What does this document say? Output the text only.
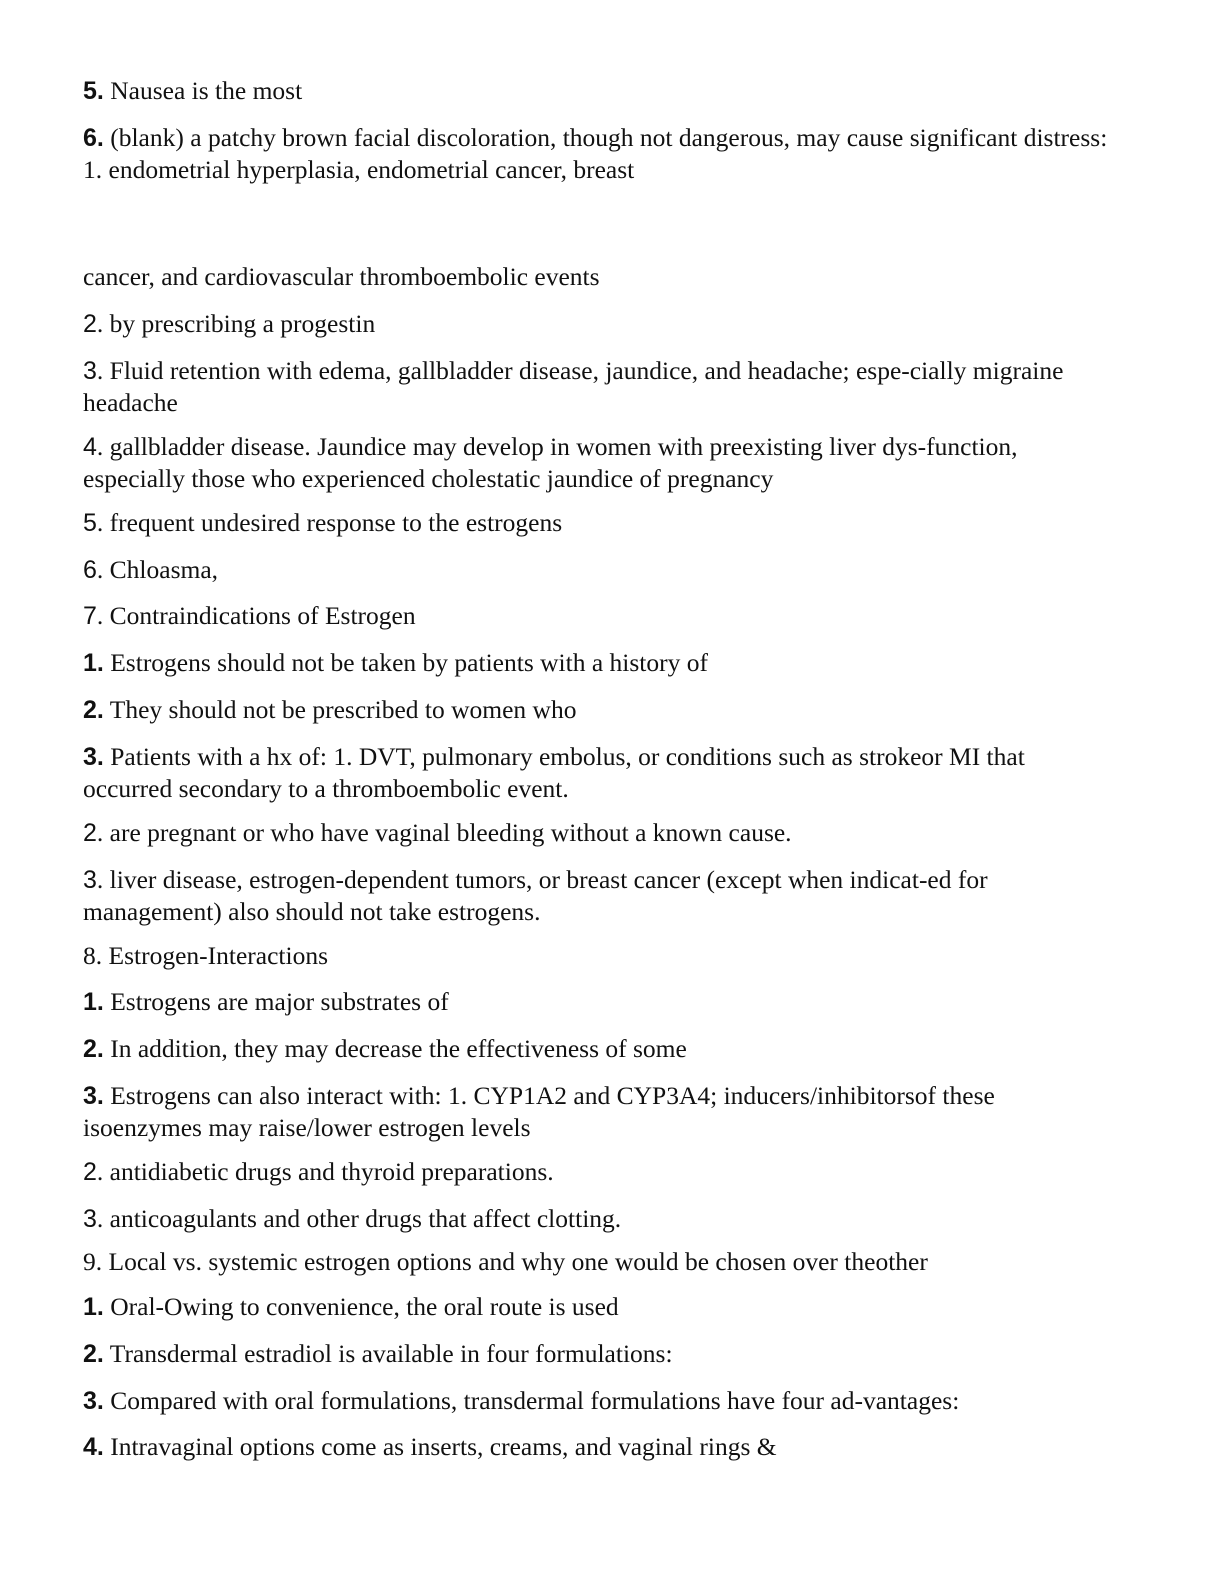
5. Nausea is the most

6. (blank) a patchy brown facial discoloration, though not dangerous, may cause significant distress: 1. endometrial hyperplasia, endometrial cancer, breast

cancer, and cardiovascular thromboembolic events

2. by prescribing a progestin

3. Fluid retention with edema, gallbladder disease, jaundice, and headache; espe-cially migraine headache

4. gallbladder disease. Jaundice may develop in women with preexisting liver dys-function, especially those who experienced cholestatic jaundice of pregnancy

5. frequent undesired response to the estrogens

6. Chloasma,

7. Contraindications of Estrogen

1. Estrogens should not be taken by patients with a history of

2. They should not be prescribed to women who

3. Patients with a hx of: 1. DVT, pulmonary embolus, or conditions such as strokeor MI that occurred secondary to a thromboembolic event.

2. are pregnant or who have vaginal bleeding without a known cause.

3. liver disease, estrogen-dependent tumors, or breast cancer (except when indicat-ed for management) also should not take estrogens.

8. Estrogen-Interactions

1. Estrogens are major substrates of

2. In addition, they may decrease the effectiveness of some

3. Estrogens can also interact with: 1. CYP1A2 and CYP3A4; inducers/inhibitorsof these isoenzymes may raise/lower estrogen levels

2. antidiabetic drugs and thyroid preparations.

3. anticoagulants and other drugs that affect clotting.

9. Local vs. systemic estrogen options and why one would be chosen over theother

1. Oral-Owing to convenience, the oral route is used

2. Transdermal estradiol is available in four formulations:

3. Compared with oral formulations, transdermal formulations have four ad-vantages:

4. Intravaginal options come as inserts, creams, and vaginal rings &
